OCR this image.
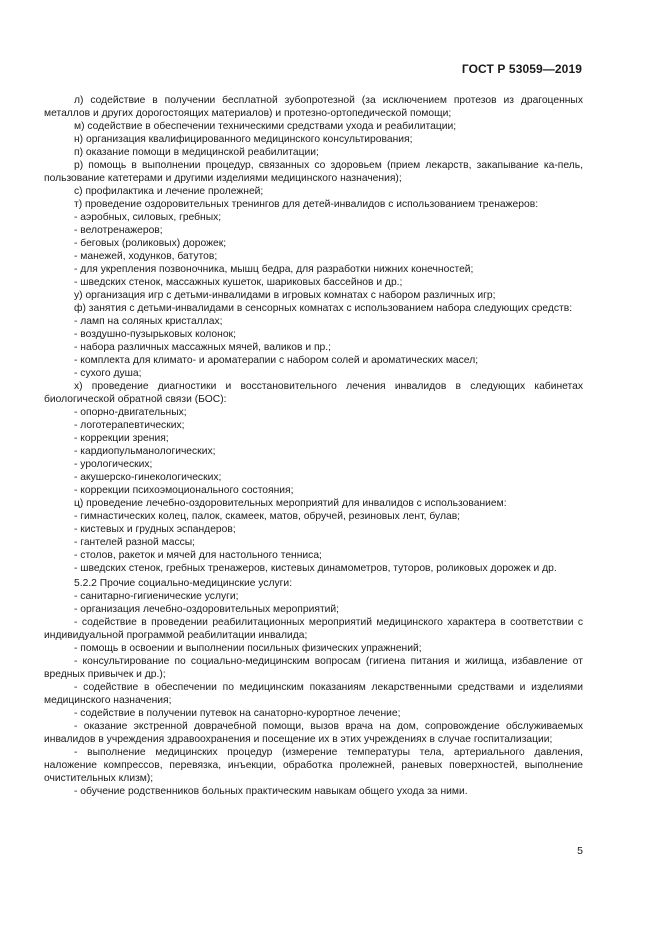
ГОСТ Р 53059—2019

л) содействие в получении бесплатной зубопротезной (за исключением протезов из драгоценных металлов и других дорогостоящих материалов) и протезно-ортопедической помощи;

м) содействие в обеспечении техническими средствами ухода и реабилитации;

н) организация квалифицированного медицинского консультирования;

п) оказание помощи в медицинской реабилитации;

р) помощь в выполнении процедур, связанных со здоровьем (прием лекарств, закапывание ка-пель, пользование катетерами и другими изделиями медицинского назначения);

с) профилактика и лечение пролежней;

т) проведение оздоровительных тренингов для детей-инвалидов с использованием тренажеров:

- аэробных, силовых, гребных;

- велотренажеров;

- беговых (роликовых) дорожек;

- манежей, ходунков, батутов;

- для укрепления позвоночника, мышц бедра, для разработки нижних конечностей;

- шведских стенок, массажных кушеток, шариковых бассейнов и др.;

у) организация игр с детьми-инвалидами в игровых комнатах с набором различных игр;

ф) занятия с детьми-инвалидами в сенсорных комнатах с использованием набора следующих средств:

- ламп на соляных кристаллах;

- воздушно-пузырьковых колонок;

- набора различных массажных мячей, валиков и пр.;

- комплекта для климато- и ароматерапии с набором солей и ароматических масел;

- сухого душа;

х) проведение диагностики и восстановительного лечения инвалидов в следующих кабинетах биологической обратной связи (БОС):

- опорно-двигательных;

- логотерапевтических;

- коррекции зрения;

- кардиопульманологических;

- урологических;

- акушерско-гинекологических;

- коррекции психоэмоционального состояния;

ц) проведение лечебно-оздоровительных мероприятий для инвалидов с использованием:

- гимнастических колец, палок, скамеек, матов, обручей, резиновых лент, булав;

- кистевых и грудных эспандеров;

- гантелей разной массы;

- столов, ракеток и мячей для настольного тенниса;

- шведских стенок, гребных тренажеров, кистевых динамометров, туторов, роликовых дорожек и др.

5.2.2 Прочие социально-медицинские услуги:

- санитарно-гигиенические услуги;

- организация лечебно-оздоровительных мероприятий;

- содействие в проведении реабилитационных мероприятий медицинского характера в соответствии с индивидуальной программой реабилитации инвалида;

- помощь в освоении и выполнении посильных физических упражнений;

- консультирование по социально-медицинским вопросам (гигиена питания и жилища, избавление от вредных привычек и др.);

- содействие в обеспечении по медицинским показаниям лекарственными средствами и изделиями медицинского назначения;

- содействие в получении путевок на санаторно-курортное лечение;

- оказание экстренной доврачебной помощи, вызов врача на дом, сопровождение обслуживаемых инвалидов в учреждения здравоохранения и посещение их в этих учреждениях в случае госпитализации;

- выполнение медицинских процедур (измерение температуры тела, артериального давления, наложение компрессов, перевязка, инъекции, обработка пролежней, раневых поверхностей, выполнение очистительных клизм);

- обучение родственников больных практическим навыкам общего ухода за ними.

5
